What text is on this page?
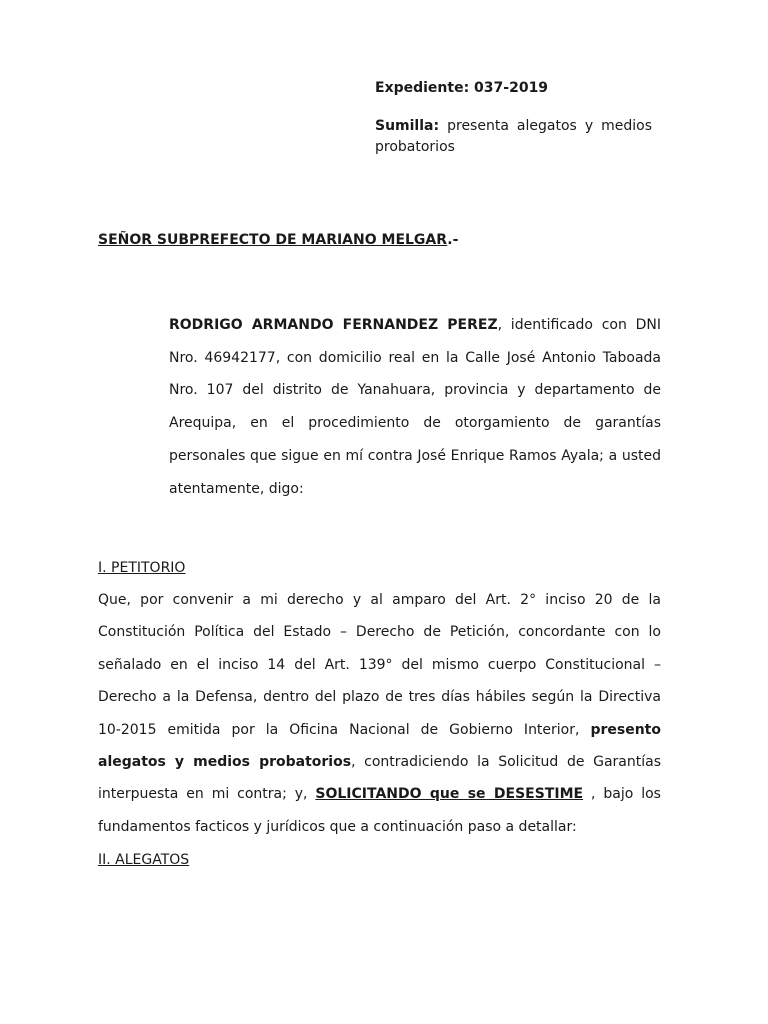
Expediente: 037-2019

Sumilla: presenta alegatos y medios probatorios

SEÑOR SUBPREFECTO DE MARIANO MELGAR.-

RODRIGO ARMANDO FERNANDEZ PEREZ, identificado con DNI Nro. 46942177, con domicilio real en la Calle José Antonio Taboada Nro. 107 del distrito de Yanahuara, provincia y departamento de Arequipa, en el procedimiento de otorgamiento de garantías personales que sigue en mí contra José Enrique Ramos Ayala; a usted atentamente, digo:

I. PETITORIO

Que, por convenir a mi derecho y al amparo del Art. 2° inciso 20 de la Constitución Política del Estado – Derecho de Petición, concordante con lo señalado en el inciso 14 del Art. 139° del mismo cuerpo Constitucional – Derecho a la Defensa, dentro del plazo de tres días hábiles según la Directiva 10-2015 emitida por la Oficina Nacional de Gobierno Interior, presento alegatos y medios probatorios, contradiciendo la Solicitud de Garantías interpuesta en mi contra; y, SOLICITANDO que se DESESTIME , bajo los fundamentos facticos y jurídicos que a continuación paso a detallar:

II. ALEGATOS
